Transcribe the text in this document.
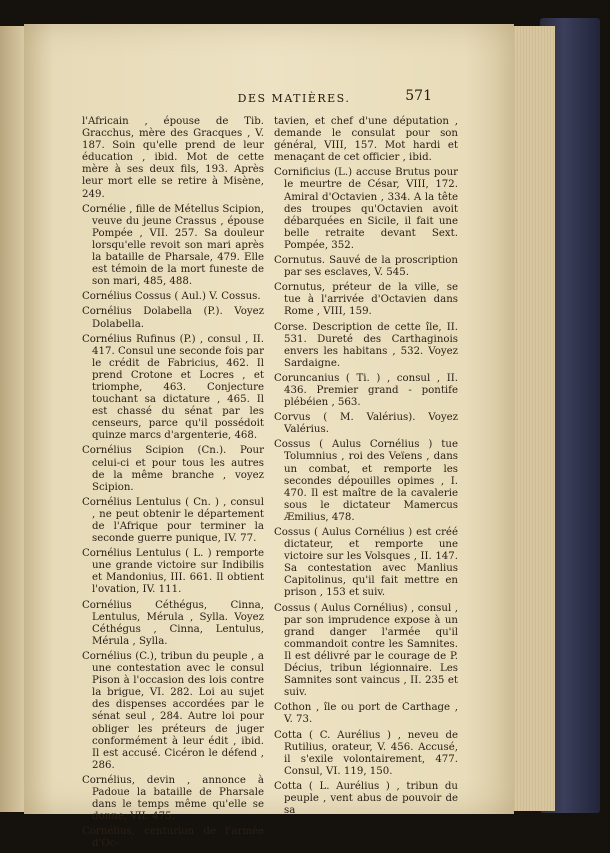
DES MATIÈRES.	571

l'Africain , épouse de Tib. Gracchus, mère des Gracques , V. 187. Soin qu'elle prend de leur éducation , ibid. Mot de cette mère à ses deux fils, 193. Après leur mort elle se retire à Misène, 249.

Cornélie , fille de Métellus Scipion, veuve du jeune Crassus , épouse Pompée , VII. 257. Sa douleur lorsqu'elle revoit son mari après la bataille de Pharsale, 479. Elle est témoin de la mort funeste de son mari, 485, 488.

Cornélius Cossus ( Aul.) V. Cossus.

Cornélius Dolabella (P.). Voyez Dolabella.

Cornélius Rufinus (P.) , consul , II. 417. Consul une seconde fois par le crédit de Fabricius, 462. Il prend Crotone et Locres , et triomphe, 463. Conjecture touchant sa dictature , 465. Il est chassé du sénat par les censeurs, parce qu'il possédoit quinze marcs d'argenterie, 468.

Cornélius Scipion (Cn.). Pour celui-ci et pour tous les autres de la même branche , voyez Scipion.

Cornélius Lentulus ( Cn. ) , consul , ne peut obtenir le département de l'Afrique pour terminer la seconde guerre punique, IV. 77.

Cornélius Lentulus ( L. ) remporte une grande victoire sur Indibilis et Mandonius, III. 661. Il obtient l'ovation, IV. 111.

Cornélius Céthégus, Cinna, Lentulus, Mérula , Sylla. Voyez Céthégus , Cinna, Lentulus, Mérula , Sylla.

Cornélius (C.), tribun du peuple , a une contestation avec le consul Pison à l'occasion des lois contre la brigue, VI. 282. Loi au sujet des dispenses accordées par le sénat seul , 284. Autre loi pour obliger les préteurs de juger conformément à leur édit , ibid. Il est accusé. Cicéron le défend , 286.

Cornélius, devin , annonce à Padoue la bataille de Pharsale dans le temps même qu'elle se donne, VII. 475.

Cornélius, centurion de l'armée d'Oc-

tavien, et chef d'une députation , demande le consulat pour son général, VIII, 157. Mot hardi et menaçant de cet officier , ibid.

Cornificius (L.) accuse Brutus pour le meurtre de César, VIII, 172. Amiral d'Octavien , 334. A la tête des troupes qu'Octavien avoit débarquées en Sicile, il fait une belle retraite devant Sext. Pompée, 352.

Cornutus. Sauvé de la proscription par ses esclaves, V. 545.

Cornutus, préteur de la ville, se tue à l'arrivée d'Octavien dans Rome , VIII, 159.

Corse. Description de cette île, II. 531. Dureté des Carthaginois envers les habitans , 532. Voyez Sardaigne.

Coruncanius ( Ti. ) , consul , II. 436. Premier grand - pontife plébéien , 563.

Corvus ( M. Valérius). Voyez Valérius.

Cossus ( Aulus Cornélius ) tue Tolumnius , roi des Veïens , dans un combat, et remporte les secondes dépouilles opimes , I. 470. Il est maître de la cavalerie sous le dictateur Mamercus Æmilius, 478.

Cossus ( Aulus Cornélius ) est créé dictateur, et remporte une victoire sur les Volsques , II. 147. Sa contestation avec Manlius Capitolinus, qu'il fait mettre en prison , 153 et suiv.

Cossus ( Aulus Cornélius) , consul , par son imprudence expose à un grand danger l'armée qu'il commandoit contre les Samnites. Il est délivré par le courage de P. Décius, tribun légionnaire. Les Samnites sont vaincus , II. 235 et suiv.

Cothon , île ou port de Carthage , V. 73.

Cotta ( C. Aurélius ) , neveu de Rutilius, orateur, V. 456. Accusé, il s'exile volontairement, 477. Consul, VI. 119, 150.

Cotta ( L. Aurélius ) , tribun du peuple , vent abus de pouvoir de sa
